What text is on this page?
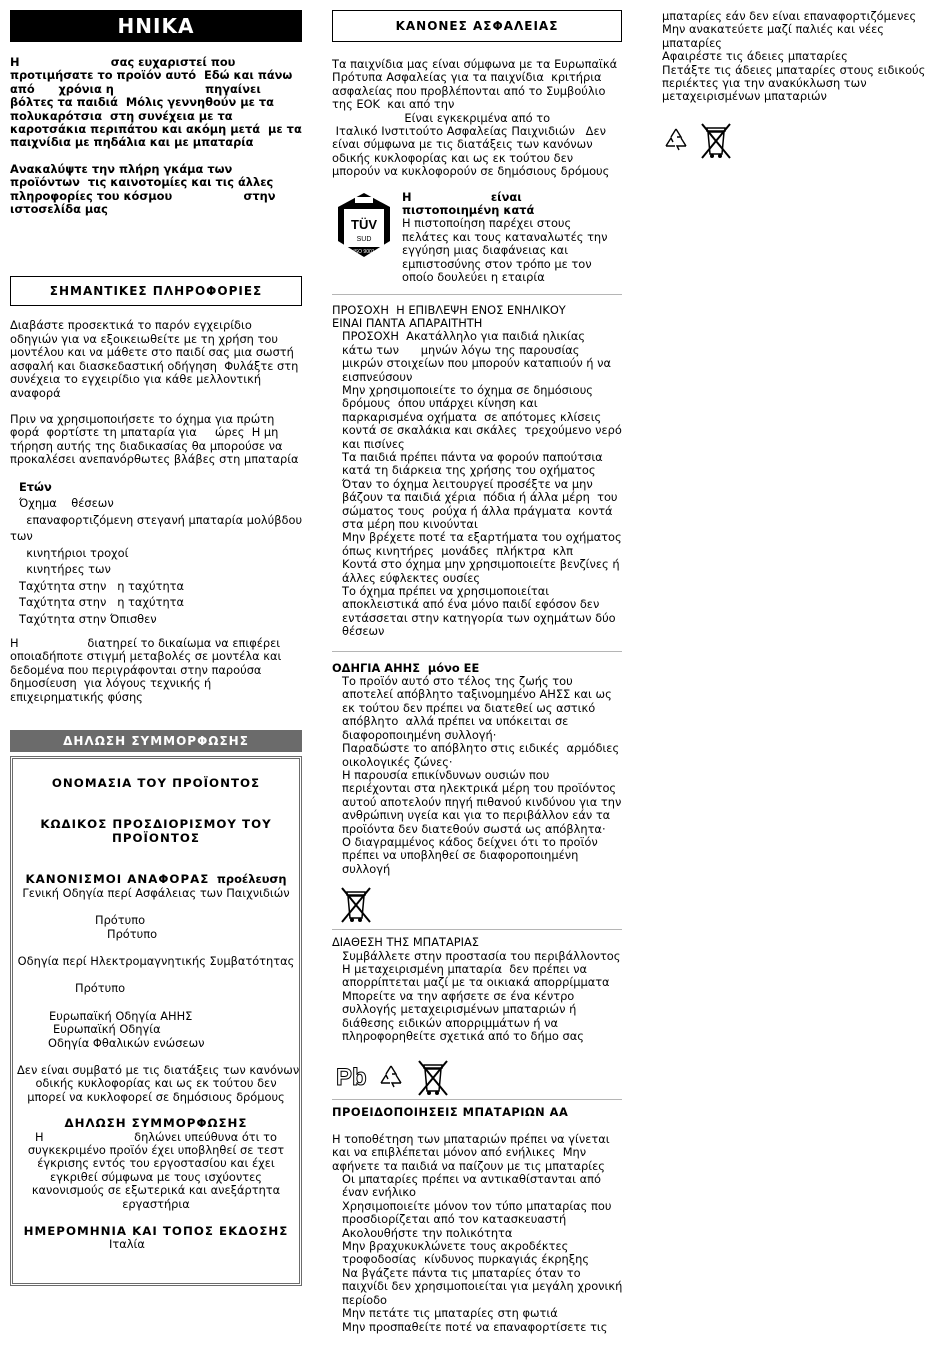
ΗΝΙΚΑ

Η                       σας ευχαριστεί που

προτιμήσατε το προϊόν αυτό  Εδώ και πάνω

από      χρόνια η                       πηγαίνει

βόλτες τα παιδιά  Μόλις γεννηθούν με τα

πολυκαρότσια  στη συνέχεια με τα

καροτσάκια περιπάτου και ακόμη μετά  με τα

παιχνίδια με πηδάλια και με μπαταρία

Ανακαλύψτε την πλήρη γκάμα των

προϊόντων  τις καινοτομίες και τις άλλες

πληροφορίες του κόσμου                  στην

ιστοσελίδα μας

ΣΗΜΑΝΤΙΚΕΣ ΠΛΗΡΟΦΟΡΙΕΣ

Διαβάστε προσεκτικά το παρόν εγχειρίδιο

οδηγιών για να εξοικειωθείτε με τη χρήση του

μοντέλου και να μάθετε στο παιδί σας μια σωστή

ασφαλή και διασκεδαστική οδήγηση  Φυλάξτε στη

συνέχεια το εγχειρίδιο για κάθε μελλοντική

αναφορά

Πριν να χρησιμοποιήσετε το όχημα για πρώτη

φορά  φορτίστε τη μπαταρία για     ώρες  Η μη

τήρηση αυτής της διαδικασίας θα μπορούσε να

προκαλέσει ανεπανόρθωτες βλάβες στη μπαταρία

Ετών

Όχημα    θέσεων

επαναφορτιζόμενη στεγανή μπαταρία μολύβδου

των

κινητήριοι τροχοί

κινητήρες των

Ταχύτητα στην   η ταχύτητα

Ταχύτητα στην   η ταχύτητα

Ταχύτητα στην Όπισθεν

Η                   διατηρεί το δικαίωμα να επιφέρει

οποιαδήποτε στιγμή μεταβολές σε μοντέλα και

δεδομένα που περιγράφονται στην παρούσα

δημοσίευση  για λόγους τεχνικής ή

επιχειρηματικής φύσης

ΔΗΛΩΣΗ ΣΥΜΜΟΡΦΩΣΗΣ

ΟΝΟΜΑΣΙΑ ΤΟΥ ΠΡΟΪΟΝΤΟΣ

ΚΩΔΙΚΟΣ ΠΡΟΣΔΙΟΡΙΣΜΟΥ ΤΟΥ

ΠΡΟΪΟΝΤΟΣ

ΚΑΝΟΝΙΣΜΟΙ ΑΝΑΦΟΡΑΣ προέλευση

Γενική Οδηγία περί Ασφάλειας των Παιχνιδιών

Πρότυπο

Πρότυπο

Οδηγία περί Ηλεκτρομαγνητικής Συμβατότητας

Πρότυπο

Ευρωπαϊκή Οδηγία ΑΗΗΣ

Ευρωπαϊκή Οδηγία

Οδηγία Φθαλικών ενώσεων

Δεν είναι συμβατό με τις διατάξεις των κανόνων

οδικής κυκλοφορίας και ως εκ τούτου δεν

μπορεί να κυκλοφορεί σε δημόσιους δρόμους

ΔΗΛΩΣΗ ΣΥΜΜΟΡΦΩΣΗΣ

Η                         δηλώνει υπεύθυνα ότι το

συγκεκριμένο προϊόν έχει υποβληθεί σε τεστ

έγκρισης εντός του εργοστασίου και έχει

εγκριθεί σύμφωνα με τους ισχύοντες

κανονισμούς σε εξωτερικά και ανεξάρτητα

εργαστήρια

ΗΜΕΡΟΜΗΝΙΑ ΚΑΙ ΤΟΠΟΣ ΕΚΔΟΣΗΣ

Ιταλία

ΚΑΝΟΝΕΣ ΑΣΦΑΛΕΙΑΣ

Τα παιχνίδια μας είναι σύμφωνα με τα Ευρωπαϊκά

Πρότυπα Ασφαλείας για τα παιχνίδια  κριτήρια

ασφαλείας που προβλέπονται από το Συμβούλιο

της ΕΟΚ  και από την

Είναι εγκεκριμένα από το

Ιταλικό Ινστιτούτο Ασφαλείας Παιχνιδιών   Δεν

είναι σύμφωνα με τις διατάξεις των κανόνων

οδικής κυκλοφορίας και ως εκ τούτου δεν

μπορούν να κυκλοφορούν σε δημόσιους δρόμους

TÜV
SUD
ISO 9001

Η                    είναι

πιστοποιημένη κατά

Η πιστοποίηση παρέχει στους

πελάτες και τους καταναλωτές την

εγγύηση μιας διαφάνειας και

εμπιστοσύνης στον τρόπο με τον

οποίο δουλεύει η εταιρία

ΠΡΟΣΟΧΗ  Η ΕΠΙΒΛΕΨΗ ΕΝΟΣ ΕΝΗΛΙΚΟΥ

ΕΙΝΑΙ ΠΑΝΤΑ ΑΠΑΡΑΙΤΗΤΗ

ΠΡΟΣΟΧΗ  Ακατάλληλο για παιδιά ηλικίας

κάτω των      μηνών λόγω της παρουσίας

μικρών στοιχείων που μπορούν καταπιούν ή να

εισπνεύσουν

Μην χρησιμοποιείτε το όχημα σε δημόσιους

δρόμους  όπου υπάρχει κίνηση και

παρκαρισμένα οχήματα  σε απότομες κλίσεις

κοντά σε σκαλάκια και σκάλες  τρεχούμενο νερό

και πισίνες

Τα παιδιά πρέπει πάντα να φορούν παπούτσια

κατά τη διάρκεια της χρήσης του οχήματος

Όταν το όχημα λειτουργεί προσέξτε να μην

βάζουν τα παιδιά χέρια  πόδια ή άλλα μέρη  του

σώματος τους  ρούχα ή άλλα πράγματα  κοντά

στα μέρη που κινούνται

Μην βρέχετε ποτέ τα εξαρτήματα του οχήματος

όπως κινητήρες  μονάδες  πλήκτρα  κλπ

Κοντά στο όχημα μην χρησιμοποιείτε βενζίνες ή

άλλες εύφλεκτες ουσίες

Το όχημα πρέπει να χρησιμοποιείται

αποκλειστικά από ένα μόνο παιδί εφόσον δεν

εντάσσεται στην κατηγορία των οχημάτων δύο

θέσεων

ΟΔΗΓΙΑ ΑΗΗΣ  μόνο ΕΕ

Το προϊόν αυτό στο τέλος της ζωής του

αποτελεί απόβλητο ταξινομημένο ΑΗΣΣ και ως

εκ τούτου δεν πρέπει να διατεθεί ως αστικό

απόβλητο  αλλά πρέπει να υπόκειται σε

διαφοροποιημένη συλλογή·

Παραδώστε το απόβλητο στις ειδικές  αρμόδιες

οικολογικές ζώνες·

Η παρουσία επικίνδυνων ουσιών που

περιέχονται στα ηλεκτρικά μέρη του προϊόντος

αυτού αποτελούν πηγή πιθανού κινδύνου για την

ανθρώπινη υγεία και για το περιβάλλον εάν τα

προϊόντα δεν διατεθούν σωστά ως απόβλητα·

Ο διαγραμμένος κάδος δείχνει ότι το προϊόν

πρέπει να υποβληθεί σε διαφοροποιημένη

συλλογή

ΔΙΑΘΕΣΗ ΤΗΣ ΜΠΑΤΑΡΙΑΣ

Συμβάλλετε στην προστασία του περιβάλλοντος

Η μεταχειρισμένη μπαταρία  δεν πρέπει να

απορρίπτεται μαζί με τα οικιακά απορρίμματα

Μπορείτε να την αφήσετε σε ένα κέντρο

συλλογής μεταχειρισμένων μπαταριών ή

διάθεσης ειδικών απορριμμάτων ή να

πληροφορηθείτε σχετικά από το δήμο σας

Pb

ΠΡΟΕΙΔΟΠΟΙΗΣΕΙΣ ΜΠΑΤΑΡΙΩΝ ΑΑ

Η τοποθέτηση των μπαταριών πρέπει να γίνεται

και να επιβλέπεται μόνον από ενήλικες  Μην

αφήνετε τα παιδιά να παίζουν με τις μπαταρίες

Οι μπαταρίες πρέπει να αντικαθίστανται από

έναν ενήλικο

Χρησιμοποιείτε μόνον τον τύπο μπαταρίας που

προσδιορίζεται από τον κατασκευαστή

Ακολουθήστε την πολικότητα

Μην βραχυκυκλώνετε τους ακροδέκτες

τροφοδοσίας  κίνδυνος πυρκαγιάς έκρηξης

Να βγάζετε πάντα τις μπαταρίες όταν το

παιχνίδι δεν χρησιμοποιείται για μεγάλη χρονική

περίοδο

Μην πετάτε τις μπαταρίες στη φωτιά

Μην προσπαθείτε ποτέ να επαναφορτίσετε τις

μπαταρίες εάν δεν είναι επαναφορτιζόμενες

Μην ανακατεύετε μαζί παλιές και νέες

μπαταρίες

Αφαιρέστε τις άδειες μπαταρίες

Πετάξτε τις άδειες μπαταρίες στους ειδικούς

περιέκτες για την ανακύκλωση των

μεταχειρισμένων μπαταριών
